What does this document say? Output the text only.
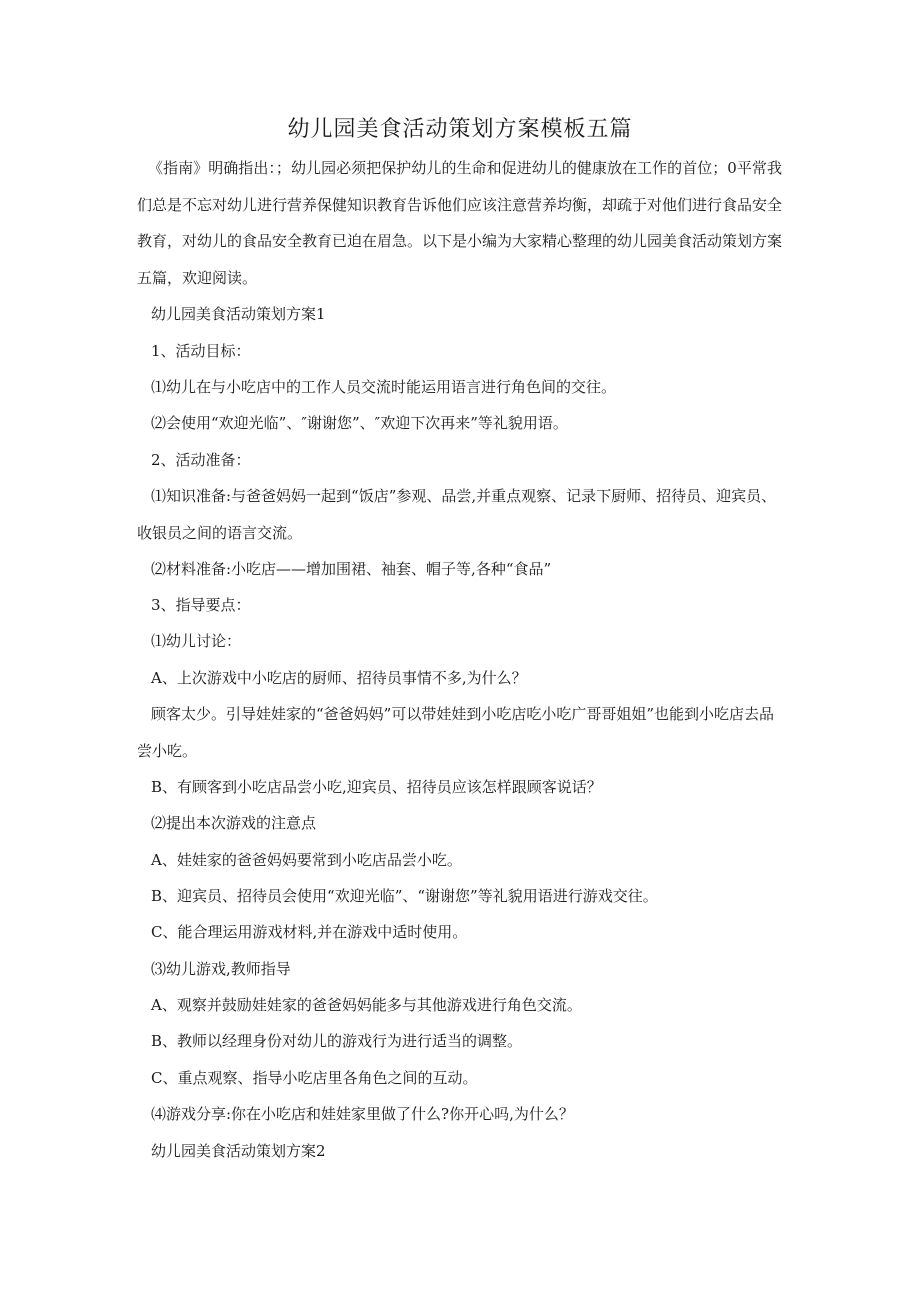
幼儿园美食活动策划方案模板五篇

《指南》明确指出：；幼儿园必须把保护幼儿的生命和促进幼儿的健康放在工作的首位；0平常我们总是不忘对幼儿进行营养保健知识教育告诉他们应该注意营养均衡，却疏于对他们进行食品安全教育，对幼儿的食品安全教育已迫在眉急。以下是小编为大家精心整理的幼儿园美食活动策划方案五篇，欢迎阅读。

幼儿园美食活动策划方案1

1、活动目标：

⑴幼儿在与小吃店中的工作人员交流时能运用语言进行角色间的交往。

⑵会使用“欢迎光临”、″谢谢您”、″欢迎下次再来”等礼貌用语。

2、活动准备：

⑴知识准备:与爸爸妈妈一起到“饭店”参观、品尝,并重点观察、记录下厨师、招待员、迎宾员、收银员之间的语言交流。

⑵材料准备:小吃店——增加围裙、袖套、帽子等,各种“食品”

3、指导要点：

⑴幼儿讨论：

A、上次游戏中小吃店的厨师、招待员事情不多,为什么？

顾客太少。引导娃娃家的“爸爸妈妈”可以带娃娃到小吃店吃小吃广哥哥姐姐”也能到小吃店去品尝小吃。

B、有顾客到小吃店品尝小吃,迎宾员、招待员应该怎样跟顾客说话？

⑵提出本次游戏的注意点

A、娃娃家的爸爸妈妈要常到小吃店品尝小吃。

B、迎宾员、招待员会使用“欢迎光临”、“谢谢您”等礼貌用语进行游戏交往。

C、能合理运用游戏材料,并在游戏中适时使用。

⑶幼儿游戏,教师指导

A、观察并鼓励娃娃家的爸爸妈妈能多与其他游戏进行角色交流。

B、教师以经理身份对幼儿的游戏行为进行适当的调整。

C、重点观察、指导小吃店里各角色之间的互动。

⑷游戏分享:你在小吃店和娃娃家里做了什么?你开心吗,为什么？

幼儿园美食活动策划方案2
